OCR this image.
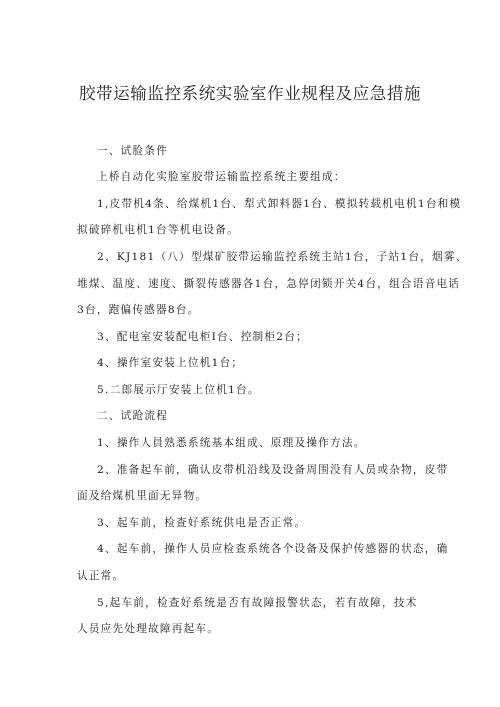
胶带运输监控系统实验室作业规程及应急措施
一、试脸条件
上桥自动化实脸室胶带运输监控系统主要组成：
1,皮带机4条、给煤机1台、犁式卸料器1台、模拟转载机电机1台和模
拟破碎机电机1台等机电设备。
2、KJ181（八）型煤矿胶带运输监控系统主站1台，子站1台，烟雾、
堆煤、温度、速度、撕裂传感器各1台，急停闭锁开关4台，组合语音电话
3台，跑偏传感器8台。
3、配电室安装配电柜I台、控制柜2台；
4、操作室安装上位机1台；
5.二郎展示厅安装上位机1台。
二、试跄流程
1、操作人員熟悉系统基本组成、原理及操作方法。
2、准备起车前，确认皮带机沿线及设备周围没有人员或杂物，皮带
面及给煤机里面无异物。
3、起车前，检查好系统供电是否正常。
4、起车前，操作人员应检查系统各个设备及保护传感器的状态，确
认正常。
5,起车前，检查好系统是否有故障报警状态，若有故障，技术
人员应先处理故障再起车。
